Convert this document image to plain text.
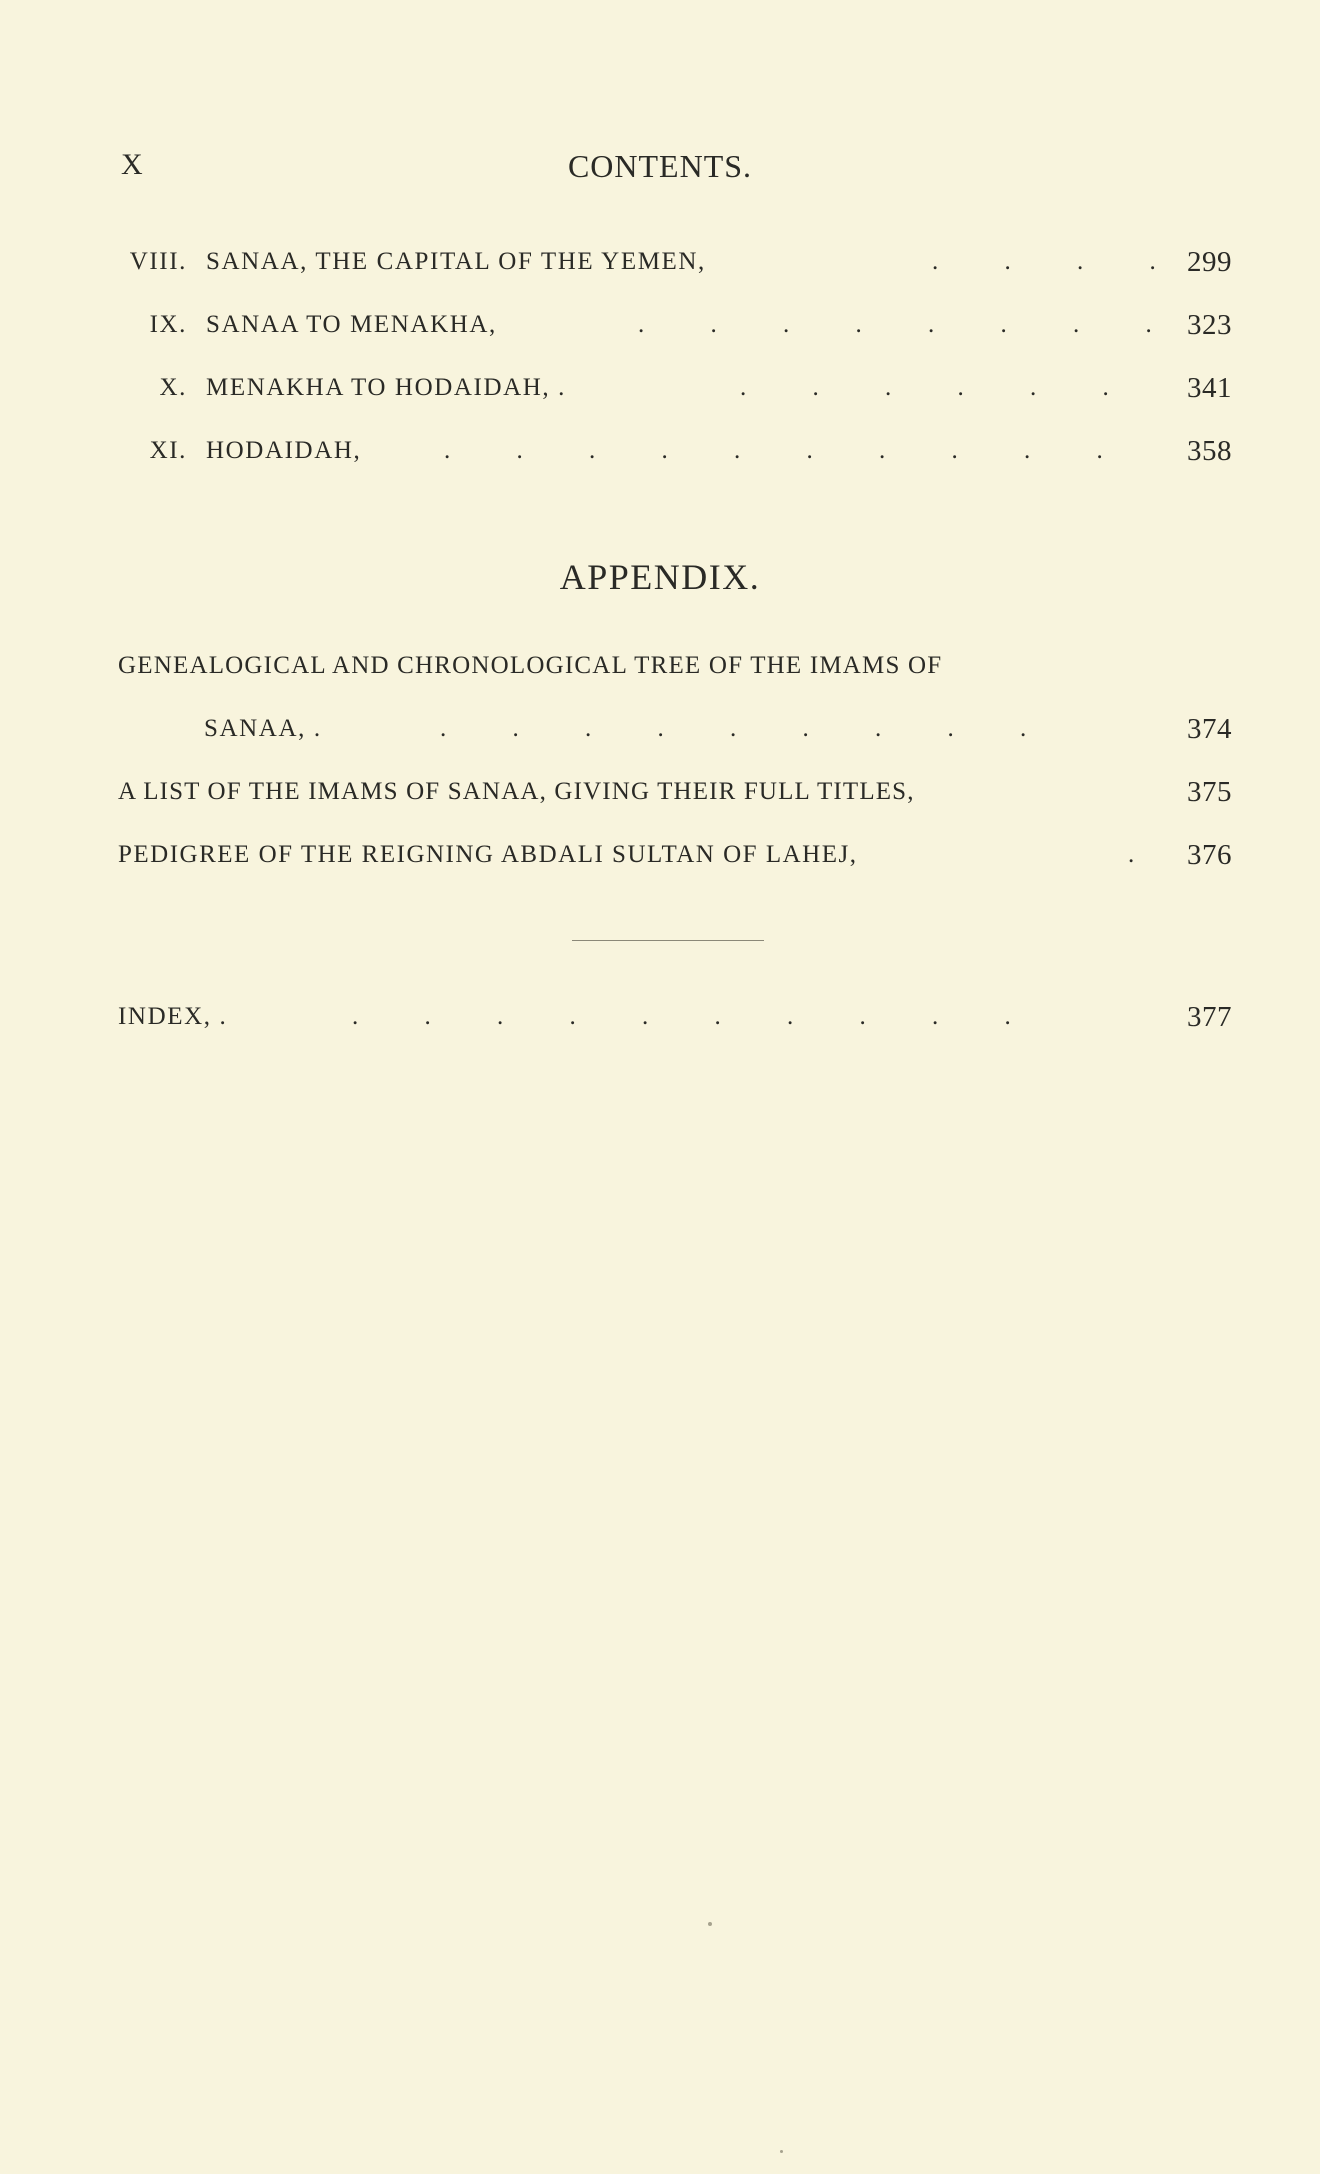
X	CONTENTS.
VIII. SANAA, THE CAPITAL OF THE YEMEN,	. . . . 299
IX. SANAA TO MENAKHA,	. . . . . . . . 323
X. MENAKHA TO HODAIDAH, .	. . . . . . 341
XI. HODAIDAH,	. . . . . . . . . . 358
APPENDIX.
GENEALOGICAL AND CHRONOLOGICAL TREE OF THE IMAMS OF
SANAA, .	. . . . . . . . .	374
A LIST OF THE IMAMS OF SANAA, GIVING THEIR FULL TITLES,	375
PEDIGREE OF THE REIGNING ABDALI SULTAN OF LAHEJ,	. 376
INDEX, .	. . . . . . . . . .	377
